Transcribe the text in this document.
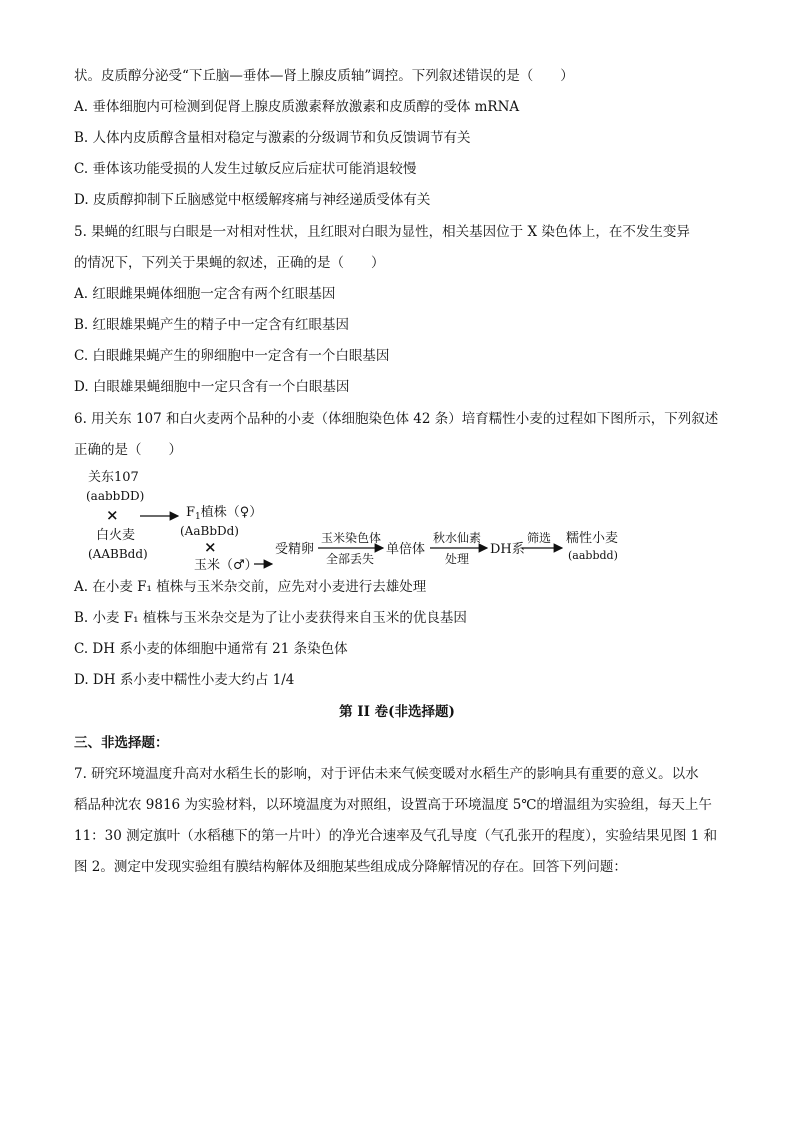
状。皮质醇分泌受“下丘脑—垂体—肾上腺皮质轴”调控。下列叙述错误的是（　　）
A. 垂体细胞内可检测到促肾上腺皮质激素释放激素和皮质醇的受体 mRNA
B. 人体内皮质醇含量相对稳定与激素的分级调节和负反馈调节有关
C. 垂体该功能受损的人发生过敏反应后症状可能消退较慢
D. 皮质醇抑制下丘脑感觉中枢缓解疼痛与神经递质受体有关
5. 果蝇的红眼与白眼是一对相对性状，且红眼对白眼为显性，相关基因位于 X 染色体上，在不发生变异
的情况下，下列关于果蝇的叙述，正确的是（　　）
A. 红眼雌果蝇体细胞一定含有两个红眼基因
B. 红眼雄果蝇产生的精子中一定含有红眼基因
C. 白眼雌果蝇产生的卵细胞中一定含有一个白眼基因
D. 白眼雄果蝇细胞中一定只含有一个白眼基因
6. 用关东 107 和白火麦两个品种的小麦（体细胞染色体 42 条）培育糯性小麦的过程如下图所示，下列叙述
正确的是（　　）
关东107
(aabbDD)
×
白火麦
(AABBdd)
$F_1$植株（♀）
(AaBbDd)
×
玉米（♂）
受精卵
玉米染色体
全部丢失
单倍体
秋水仙素
处理
DH系
筛选 糯性小麦
(aabbdd)
A. 在小麦 F₁ 植株与玉米杂交前，应先对小麦进行去雄处理
B. 小麦 F₁ 植株与玉米杂交是为了让小麦获得来自玉米的优良基因
C. DH 系小麦的体细胞中通常有 21 条染色体
D. DH 系小麦中糯性小麦大约占 1/4
第 II 卷(非选择题)
三、非选择题：
7. 研究环境温度升高对水稻生长的影响，对于评估未来气候变暖对水稻生产的影响具有重要的意义。以水
稻品种沈农 9816 为实验材料，以环境温度为对照组，设置高于环境温度 5℃的增温组为实验组，每天上午
11：30 测定旗叶（水稻穗下的第一片叶）的净光合速率及气孔导度（气孔张开的程度），实验结果见图 1 和
图 2。测定中发现实验组有膜结构解体及细胞某些组成成分降解情况的存在。回答下列问题：
